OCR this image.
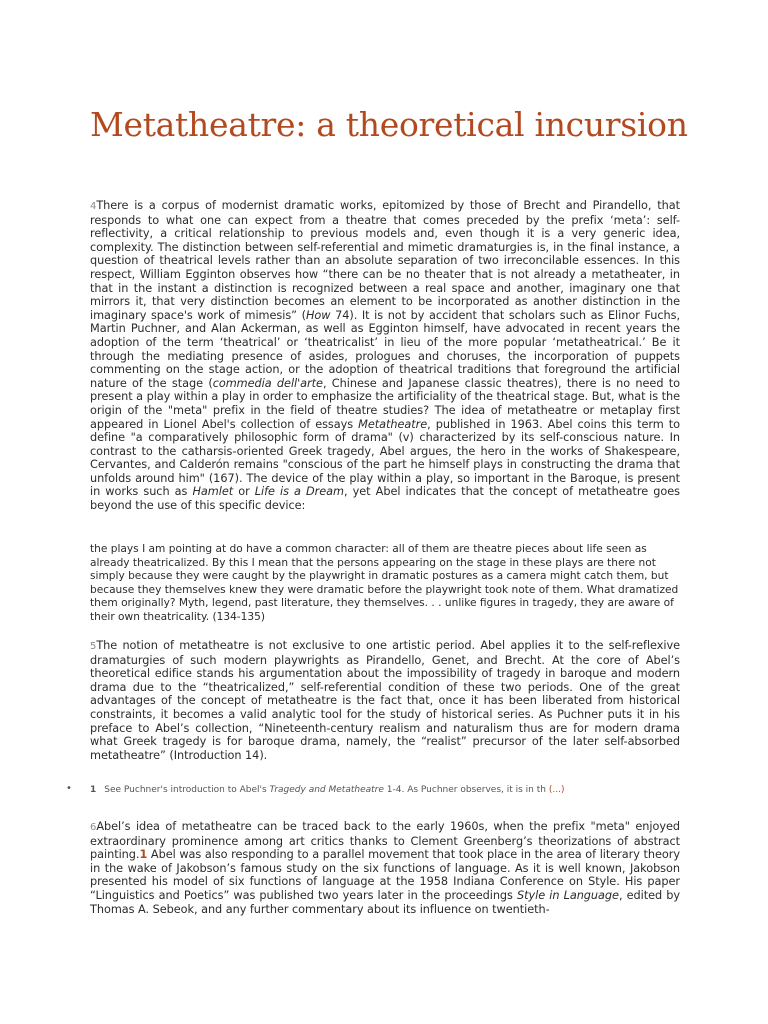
Metatheatre: a theoretical incursion

4There is a corpus of modernist dramatic works, epitomized by those of Brecht and Pirandello, that responds to what one can expect from a theatre that comes preceded by the prefix ‘meta’: self-reflectivity, a critical relationship to previous models and, even though it is a very generic idea, complexity. The distinction between self-referential and mimetic dramaturgies is, in the final instance, a question of theatrical levels rather than an absolute separation of two irreconcilable essences. In this respect, William Egginton observes how “there can be no theater that is not already a metatheater, in that in the instant a distinction is recognized between a real space and another, imaginary one that mirrors it, that very distinction becomes an element to be incorporated as another distinction in the imaginary space's work of mimesis” (How 74). It is not by accident that scholars such as Elinor Fuchs, Martin Puchner, and Alan Ackerman, as well as Egginton himself, have advocated in recent years the adoption of the term ‘theatrical’ or ‘theatricalist’ in lieu of the more popular ‘metatheatrical.’ Be it through the mediating presence of asides, prologues and choruses, the incorporation of puppets commenting on the stage action, or the adoption of theatrical traditions that foreground the artificial nature of the stage (commedia dell'arte, Chinese and Japanese classic theatres), there is no need to present a play within a play in order to emphasize the artificiality of the theatrical stage. But, what is the origin of the "meta" prefix in the field of theatre studies? The idea of metatheatre or metaplay first appeared in Lionel Abel's collection of essays Metatheatre, published in 1963. Abel coins this term to define "a comparatively philosophic form of drama" (v) characterized by its self-conscious nature. In contrast to the catharsis-oriented Greek tragedy, Abel argues, the hero in the works of Shakespeare, Cervantes, and Calderón remains "conscious of the part he himself plays in constructing the drama that unfolds around him" (167). The device of the play within a play, so important in the Baroque, is present in works such as Hamlet or Life is a Dream, yet Abel indicates that the concept of metatheatre goes beyond the use of this specific device:

the plays I am pointing at do have a common character: all of them are theatre pieces about life seen as already theatricalized. By this I mean that the persons appearing on the stage in these plays are there not simply because they were caught by the playwright in dramatic postures as a camera might catch them, but because they themselves knew they were dramatic before the playwright took note of them. What dramatized them originally? Myth, legend, past literature, they themselves. . . unlike figures in tragedy, they are aware of their own theatricality. (134-135)

5The notion of metatheatre is not exclusive to one artistic period. Abel applies it to the self-reflexive dramaturgies of such modern playwrights as Pirandello, Genet, and Brecht. At the core of Abel’s theoretical edifice stands his argumentation about the impossibility of tragedy in baroque and modern drama due to the “theatricalized,” self-referential condition of these two periods. One of the great advantages of the concept of metatheatre is the fact that, once it has been liberated from historical constraints, it becomes a valid analytic tool for the study of historical series. As Puchner puts it in his preface to Abel’s collection, “Nineteenth-century realism and naturalism thus are for modern drama what Greek tragedy is for baroque drama, namely, the “realist” precursor of the later self-absorbed metatheatre” (Introduction 14).

6Abel’s idea of metatheatre can be traced back to the early 1960s, when the prefix "meta" enjoyed extraordinary prominence among art critics thanks to Clement Greenberg’s theorizations of abstract painting.1 Abel was also responding to a parallel movement that took place in the area of literary theory in the wake of Jakobson’s famous study on the six functions of language. As it is well known, Jakobson presented his model of six functions of language at the 1958 Indiana Conference on Style. His paper “Linguistics and Poetics” was published two years later in the proceedings Style in Language, edited by Thomas A. Sebeok, and any further commentary about its influence on twentieth-

•	1 See Puchner's introduction to Abel's Tragedy and Metatheatre 1-4. As Puchner observes, it is in th (...)
